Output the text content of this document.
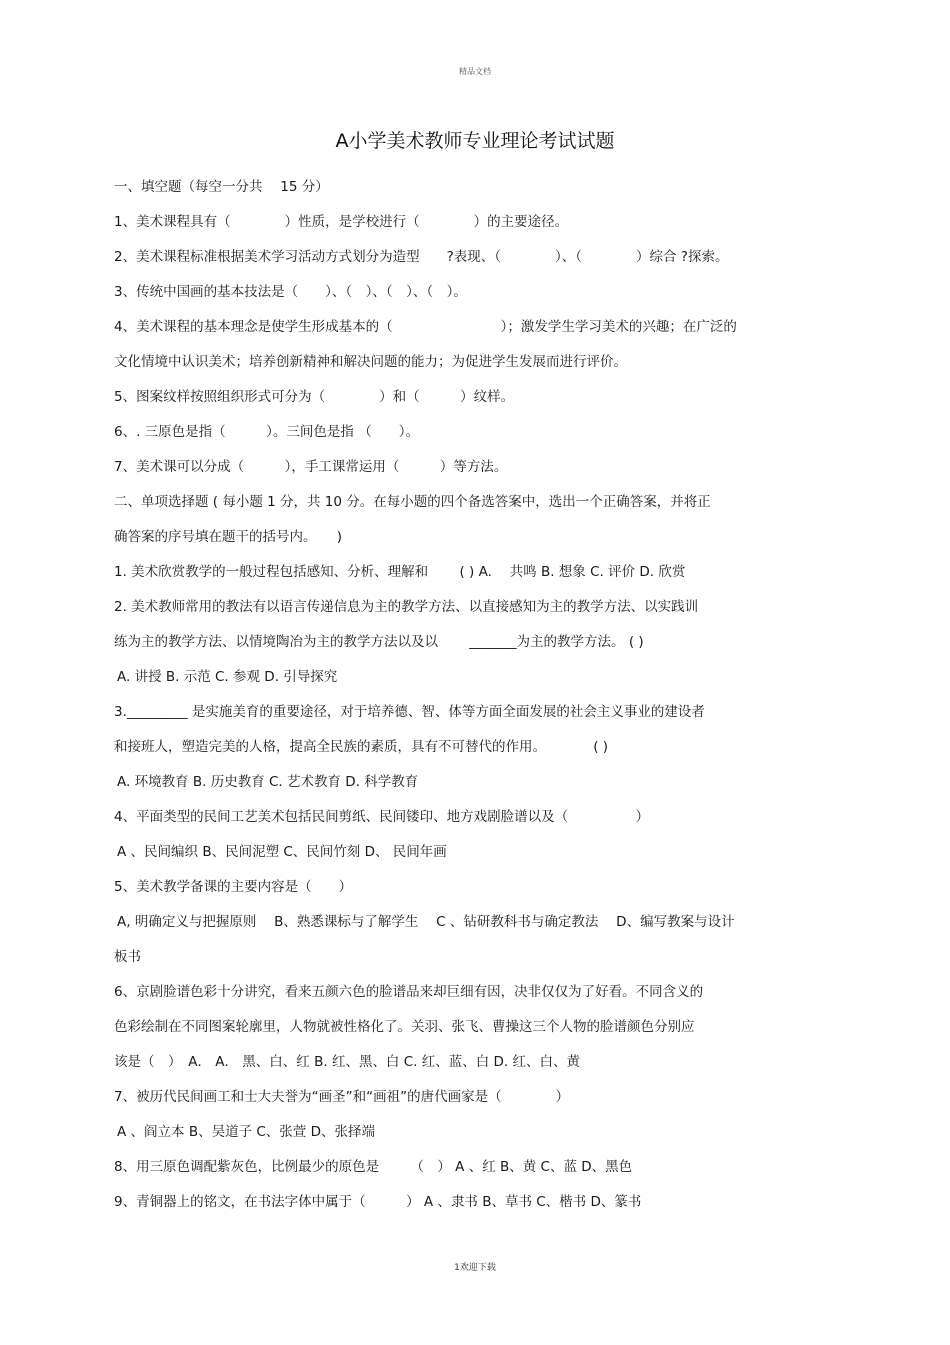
精品文档
A小学美术教师专业理论考试试题
一、填空题（每空一分共　 15 分）
1、美术课程具有（　　　　）性质，是学校进行（　　　　）的主要途径。
2、美术课程标准根据美术学习活动方式划分为造型　　?表现、（　　　　）、（　　　　）综合 ?探索。
3、传统中国画的基本技法是（　　）、（　）、（　）、（　）。
4、美术课程的基本理念是使学生形成基本的（　　　　　　　　）；激发学生学习美术的兴趣；在广泛的
文化情境中认识美术；培养创新精神和解决问题的能力；为促进学生发展而进行评价。
5、图案纹样按照组织形式可分为（　　　　）和（　　　）纹样。
6、. 三原色是指（　　　）。三间色是指 （　　）。
7、美术课可以分成（　　　），手工课常运用（　　　）等方法。
二、单项选择题 ( 每小题 1 分，共 10 分。在每小题的四个备选答案中，选出一个正确答案，并将正
确答案的序号填在题干的括号内。　　)
1. 美术欣赏教学的一般过程包括感知、分析、理解和　　 ( ) A.　 共鸣 B. 想象 C. 评价 D. 欣赏
2. 美术教师常用的教法有以语言传递信息为主的教学方法、以直接感知为主的教学方法、以实践训
练为主的教学方法、以情境陶冶为主的教学方法以及以　　 _______为主的教学方法。 ( )
A. 讲授 B. 示范 C. 参观 D. 引导探究
3._________ 是实施美育的重要途径，对于培养德、智、体等方面全面发展的社会主义事业的建设者
和接班人，塑造完美的人格，提高全民族的素质，具有不可替代的作用。　　　　( )
A. 环境教育 B. 历史教育 C. 艺术教育 D. 科学教育
4、平面类型的民间工艺美术包括民间剪纸、民间镂印、地方戏剧脸谱以及（　　　　　）
A 、民间编织 B、民间泥塑 C、民间竹刻 D、 民间年画
5、美术教学备课的主要内容是（　　）
A, 明确定义与把握原则　 B、熟悉课标与了解学生　 C 、钻研教科书与确定教法　 D、编写教案与设计
板书
6、京剧脸谱色彩十分讲究，看来五颜六色的脸谱品来却巨细有因，决非仅仅为了好看。不同含义的
色彩绘制在不同图案轮廓里，人物就被性格化了。关羽、张飞、曹操这三个人物的脸谱颜色分别应
该是（　）　A． A． 黑、白、红 B. 红、黑、白 C. 红、蓝、白 D. 红、白、黄
7、被历代民间画工和士大夫誉为“画圣”和“画祖”的唐代画家是（　　　　）
A 、阎立本 B、吴道子 C、张萱 D、张择端
8、用三原色调配紫灰色，比例最少的原色是　　 （　） A 、红 B、黄 C、蓝 D、黑色
9、青铜器上的铭文，在书法字体中属于（　　　） A 、隶书 B、草书 C、楷书 D、篆书
1欢迎下载
